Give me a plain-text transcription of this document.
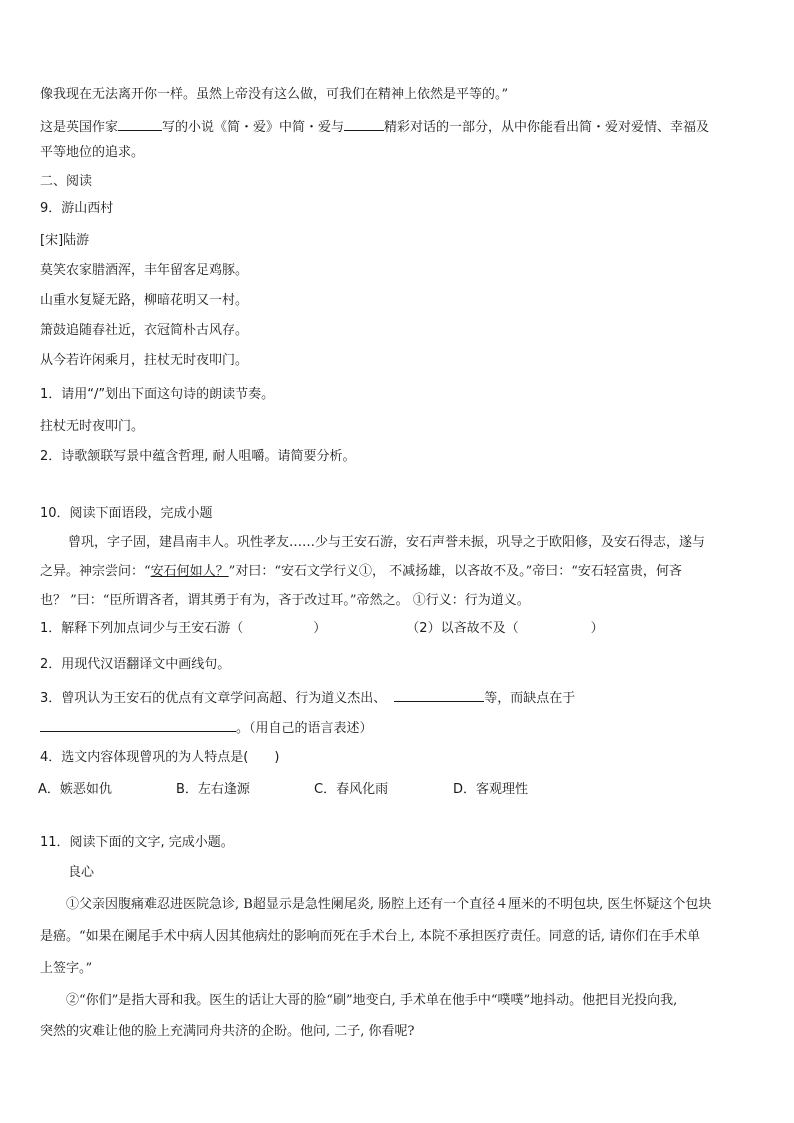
像我现在无法离开你一样。虽然上帝没有这么做，可我们在精神上依然是平等的。”
这是英国作家	写的小说《简・爱》中简・爱与	精彩对话的一部分，从中你能看出简・爱对爱情、幸福及
平等地位的追求。
二、阅读
9．游山西村
[宋]陆游
莫笑农家腊酒浑，丰年留客足鸡豚。
山重水复疑无路，柳暗花明又一村。
箫鼓追随春社近，衣冠简朴古风存。
从今若许闲乘月，拄杖无时夜叩门。
1．请用“/”划出下面这句诗的朗读节奏。
拄杖无时夜叩门。
2．诗歌颔联写景中蕴含哲理, 耐人咀嚼。请简要分析。
10．阅读下面语段，完成小题
曾巩，字子固，建昌南丰人。巩性孝友……少与王安石游，安石声誉未振，巩导之于欧阳修，及安石得志，遂与
之异。神宗尝问：“安石何如人？”对曰：“安石文学行义①， 不减扬雄，以吝故不及。”帝曰：“安石轻富贵，何吝
也？ ”曰：“臣所谓吝者，谓其勇于有为，吝于改过耳。”帝然之。 ①行义：行为道义。
1．解释下列加点词少与王安石游（	）	（2）以吝故不及（	）
2．用现代汉语翻译文中画线句。
3．曾巩认为王安石的优点有文章学问高超、行为道义杰出、	等，而缺点在于
。（用自己的语言表述）
4．选文内容体现曾巩的为人特点是(　　)
A．嫉恶如仇	B．左右逢源	C．春风化雨	D．客观理性
11．阅读下面的文字, 完成小题。
良心
①父亲因腹痛难忍进医院急诊, B超显示是急性阑尾炎, 肠腔上还有一个直径４厘米的不明包块, 医生怀疑这个包块
是癌。“如果在阑尾手术中病人因其他病灶的影响而死在手术台上, 本院不承担医疗责任。同意的话, 请你们在手术单
上签字。”
②“你们”是指大哥和我。医生的话让大哥的脸“刷”地变白, 手术单在他手中“噗噗”地抖动。他把目光投向我,
突然的灾难让他的脸上充满同舟共济的企盼。他问, 二子, 你看呢?
